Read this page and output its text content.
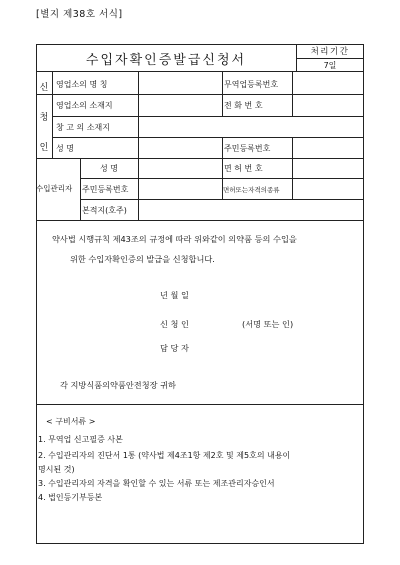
[별지 제38호 서식]
수입자확인증발급신청서
처리기간
7일
신
청
인
영업소의 명 칭	무역업등록번호
영업소의 소재지	전 화 번 호
창 고 의 소재지
성 명	주민등록번호
수입관리자
성 명	면 허 번 호
주민등록번호	면허또는자격의종류
본적지(호주)
약사법 시행규칙 제43조의 규정에 따라 위와같이 의약품 등의 수입을
위한 수입자확인증의 발급을 신청합니다.
년 월 일
신 청 인	(서명 또는 인)
담 당 자
각 지방식품의약품안전청장 귀하
< 구비서류 >
1. 무역업 신고필증 사본
2. 수입관리자의 진단서 1통 (약사법 제4조1항 제2호 및 제5호의 내용이
명시된 것)
3. 수입관리자의 자격을 확인할 수 있는 서류 또는 제조관리자승인서
4. 법인등기부등본
